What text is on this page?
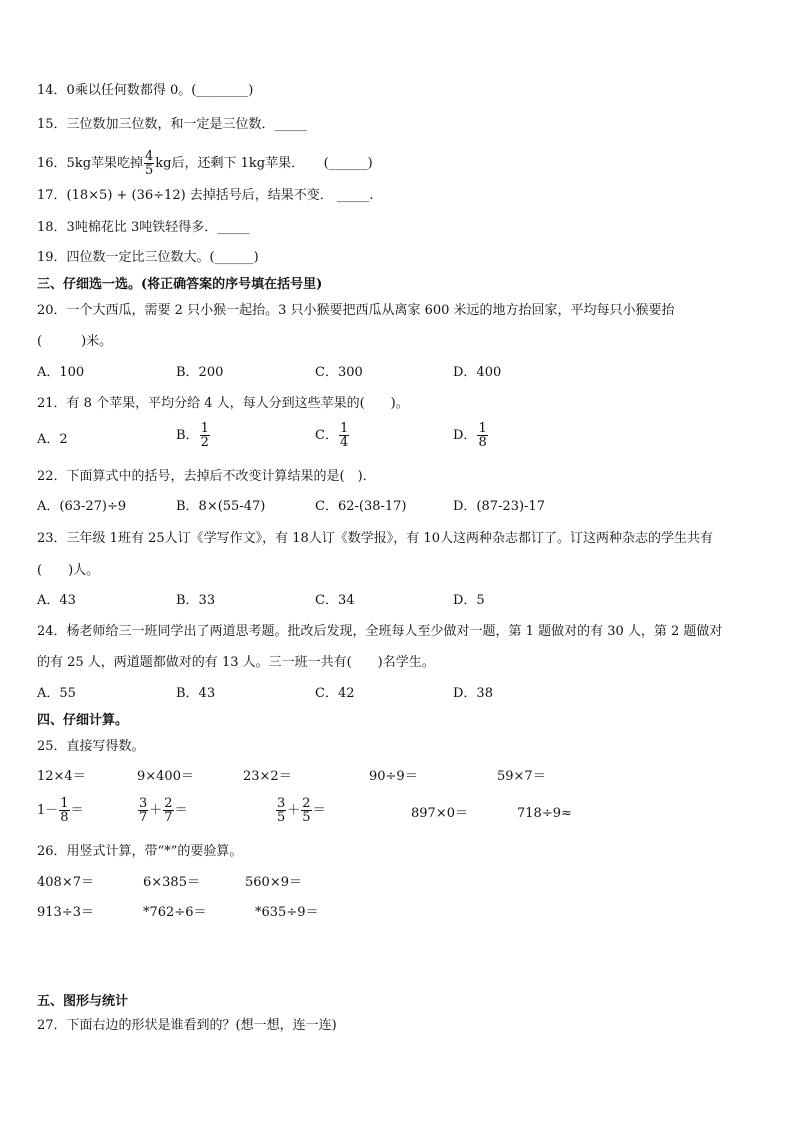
14．0乘以任何数都得 0。(________)
15．三位数加三位数，和一定是三位数．_____
16．5kg苹果吃掉 $\frac{4}{5}$ kg后，还剩下 1kg苹果．　　(______)
17．(18×5) + (36÷12) 去掉括号后，结果不变． _____.
18．3吨棉花比 3吨铁轻得多．_____
19．四位数一定比三位数大。(______)
三、仔细选一选。(将正确答案的序号填在括号里)
20．一个大西瓜，需要 2 只小猴一起抬。3 只小猴要把西瓜从离家 600 米远的地方抬回家，平均每只小猴要抬
(　　　)米。
A．100	B．200	C．300	D．400
21．有 8 个苹果，平均分给 4 人，每人分到这些苹果的(　　)。
A．2	B． $\frac{1}{2}$	C． $\frac{1}{4}$	D． $\frac{1}{8}$
22．下面算式中的括号，去掉后不改变计算结果的是(　)．
A．(63-27)÷9	B．8×(55-47)	C．62-(38-17)	D．(87-23)-17
23．三年级 1班有 25人订《学写作文》，有 18人订《数学报》，有 10人这两种杂志都订了。订这两种杂志的学生共有
(　　)人。
A．43	B．33	C．34	D．5
24．杨老师给三一班同学出了两道思考题。批改后发现，全班每人至少做对一题，第 1 题做对的有 30 人，第 2 题做对
的有 25 人，两道题都做对的有 13 人。三一班一共有(　　)名学生。
A．55	B．43	C．42	D．38
四、仔细计算。
25．直接写得数。
12×4＝	9×400＝	23×2＝	90÷9＝	59×7＝
$1- \frac{1}{8}$ ＝	$\frac{3}{7} + \frac{2}{7}$ ＝	$\frac{3}{5} + \frac{2}{5}$ ＝	897×0＝	718÷9≈
26．用竖式计算，带“*”的要验算。
408×7＝	6×385＝	560×9＝
913÷3＝	*762÷6＝	*635÷9＝
五、图形与统计
27．下面右边的形状是谁看到的？(想一想，连一连)
